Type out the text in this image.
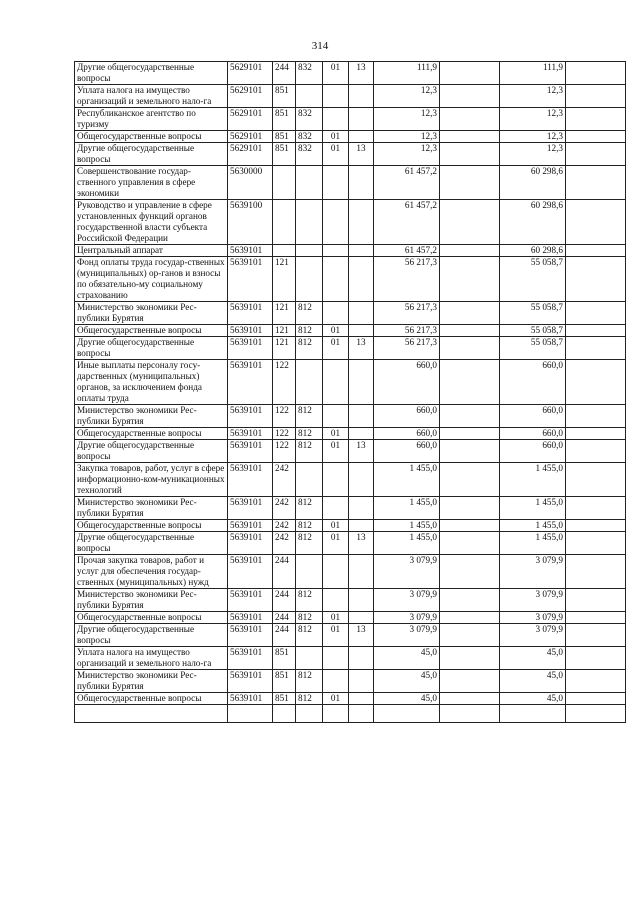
314
Другие общегосударственные вопросы	5629101	244	832	01	13	111,9		111,9	
Уплата налога на имущество организаций и земельного нало-га	5629101	851				12,3		12,3	
Республиканское агентство по туризму	5629101	851	832			12,3		12,3	
Общегосударственные вопросы	5629101	851	832	01		12,3		12,3	
Другие общегосударственные вопросы	5629101	851	832	01	13	12,3		12,3	
Совершенствование государ-ственного управления в сфере экономики	5630000					61 457,2		60 298,6	
Руководство и управление в сфере установленных функций органов государственной власти субъекта Российской Федерации	5639100					61 457,2		60 298,6	
Центральный аппарат	5639101					61 457,2		60 298,6	
Фонд оплаты труда государ-ственных (муниципальных) ор-ганов и взносы по обязательно-му социальному страхованию	5639101	121				56 217,3		55 058,7	
Министерство экономики Рес-публики Бурятия	5639101	121	812			56 217,3		55 058,7	
Общегосударственные вопросы	5639101	121	812	01		56 217,3		55 058,7	
Другие общегосударственные вопросы	5639101	121	812	01	13	56 217,3		55 058,7	
Иные выплаты персоналу госу-дарственных (муниципальных) органов, за исключением фонда оплаты труда	5639101	122				660,0		660,0	
Министерство экономики Рес-публики Бурятия	5639101	122	812			660,0		660,0	
Общегосударственные вопросы	5639101	122	812	01		660,0		660,0	
Другие общегосударственные вопросы	5639101	122	812	01	13	660,0		660,0	
Закупка товаров, работ, услуг в сфере информационно-ком-муникационных технологий	5639101	242				1 455,0		1 455,0	
Министерство экономики Рес-публики Бурятия	5639101	242	812			1 455,0		1 455,0	
Общегосударственные вопросы	5639101	242	812	01		1 455,0		1 455,0	
Другие общегосударственные вопросы	5639101	242	812	01	13	1 455,0		1 455,0	
Прочая закупка товаров, работ и услуг для обеспечения государ-ственных (муниципальных) нужд	5639101	244				3 079,9		3 079,9	
Министерство экономики Рес-публики Бурятия	5639101	244	812			3 079,9		3 079,9	
Общегосударственные вопросы	5639101	244	812	01		3 079,9		3 079,9	
Другие общегосударственные вопросы	5639101	244	812	01	13	3 079,9		3 079,9	
Уплата налога на имущество организаций и земельного нало-га	5639101	851				45,0		45,0	
Министерство экономики Рес-публики Бурятия	5639101	851	812			45,0		45,0	
Общегосударственные вопросы	5639101	851	812	01		45,0		45,0	
